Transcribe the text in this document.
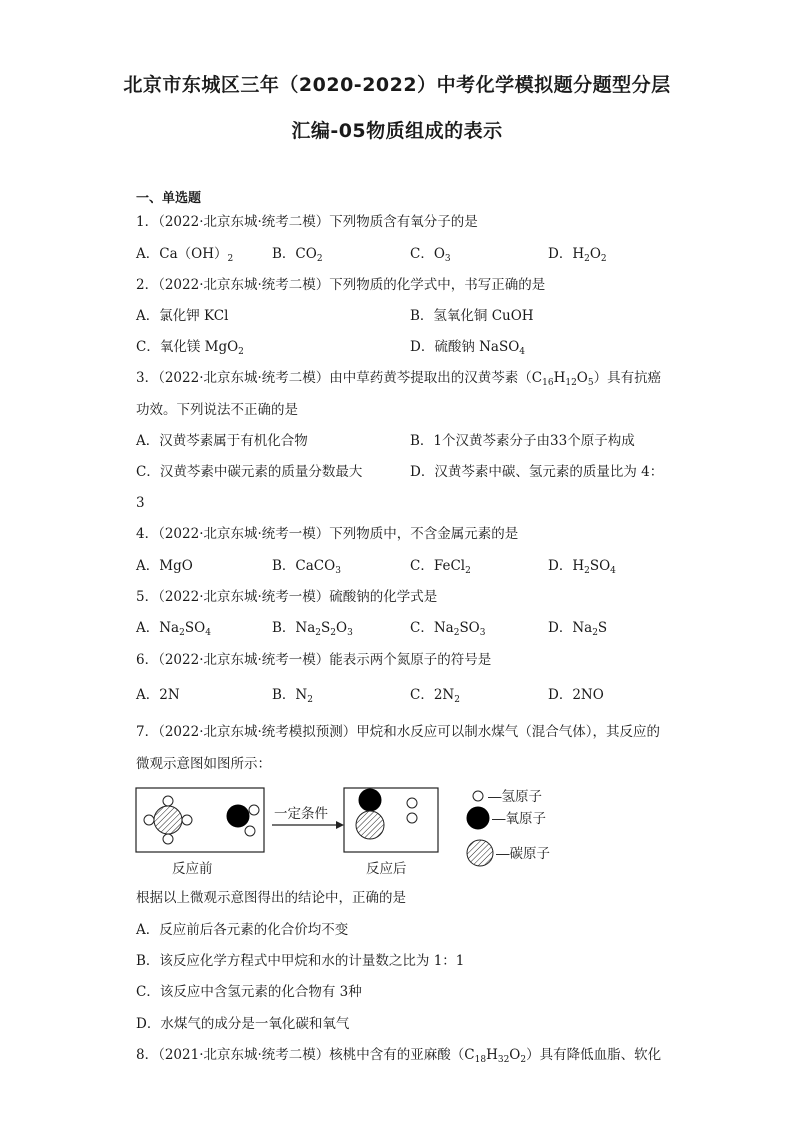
北京市东城区三年（2020-2022）中考化学模拟题分题型分层
汇编-05物质组成的表示
一、单选题
1．（2022·北京东城·统考二模）下列物质含有氧分子的是
A．$Ca(OH)_2$	B．$CO_2$	C．$O_3$	D．$H_2O_2$
2．（2022·北京东城·统考二模）下列物质的化学式中，书写正确的是
A．氯化钾 KCl	B．氢氧化铜 CuOH
C．氧化镁 MgO$_2$	D．硫酸钠 NaSO$_4$
3．（2022·北京东城·统考二模）由中草药黄芩提取出的汉黄芩素$(C_{16}H_{12}O_5)$具有抗癌
功效。下列说法不正确的是
A．汉黄芩素属于有机化合物	B．1个汉黄芩素分子由33个原子构成
C．汉黄芩素中碳元素的质量分数最大	D．汉黄芩素中碳、氢元素的质量比为 4：
3
4．（2022·北京东城·统考一模）下列物质中，不含金属元素的是
A．MgO	B．CaCO$_3$	C．FeCl$_2$	D．$H_2SO_4$
5．（2022·北京东城·统考一模）硫酸钠的化学式是
A．$Na_2SO_4$	B．$Na_2S_2O_3$	C．$Na_2SO_3$	D．$Na_2S$
6．（2022·北京东城·统考一模）能表示两个氮原子的符号是
A．2N	B．$N_2$	C．$2N_2$	D．2NO
7．（2022·北京东城·统考模拟预测）甲烷和水反应可以制水煤气（混合气体），其反应的
微观示意图如图所示：
一定条件
—氢原子
—氧原子
—碳原子
反应前	反应后
根据以上微观示意图得出的结论中，正确的是
A．反应前后各元素的化合价均不变
B．该反应化学方程式中甲烷和水的计量数之比为 1：1
C．该反应中含氢元素的化合物有 3种
D．水煤气的成分是一氧化碳和氧气
8．（2021·北京东城·统考二模）核桃中含有的亚麻酸$(C_{18}H_{32}O_2)$具有降低血脂、软化
